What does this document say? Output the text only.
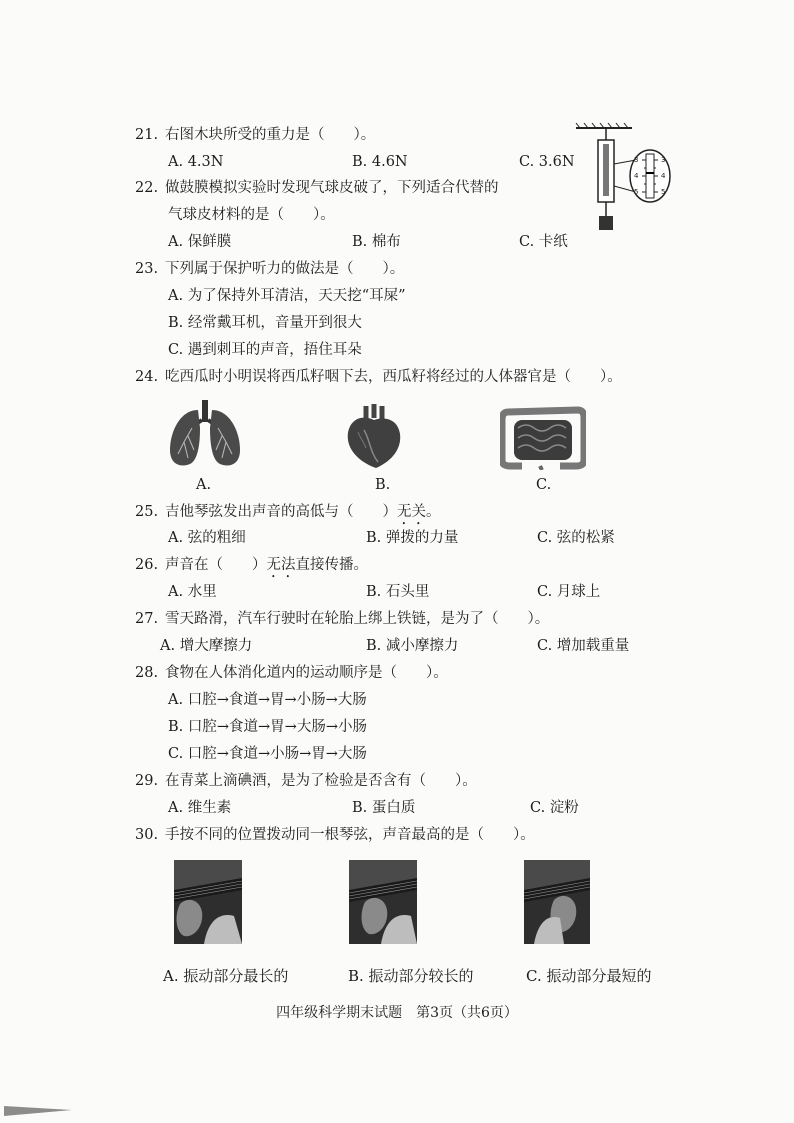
21. 右图木块所受的重力是（　　）。
A. 4.3N	B. 4.6N	C. 3.6N	3
4
5
3
4
5
22. 做鼓膜模拟实验时发现气球皮破了，下列适合代替的
气球皮材料的是（　　）。
A. 保鲜膜	B. 棉布	C. 卡纸
23. 下列属于保护听力的做法是（　　）。
A. 为了保持外耳清洁，天天挖“耳屎”
B. 经常戴耳机，音量开到很大
C. 遇到刺耳的声音，捂住耳朵
24. 吃西瓜时小明误将西瓜籽咽下去，西瓜籽将经过的人体器官是（　　）。
A.	B.	C.
25. 吉他琴弦发出声音的高低与（　　）无关。
A. 弦的粗细	B. 弹拨的力量	C. 弦的松紧
26. 声音在（　　）无法直接传播。
A. 水里	B. 石头里	C. 月球上
27. 雪天路滑，汽车行驶时在轮胎上绑上铁链，是为了（　　）。
A. 增大摩擦力	B. 减小摩擦力	C. 增加载重量
28. 食物在人体消化道内的运动顺序是（　　）。
A. 口腔→食道→胃→小肠→大肠
B. 口腔→食道→胃→大肠→小肠
C. 口腔→食道→小肠→胃→大肠
29. 在青菜上滴碘酒，是为了检验是否含有（　　）。
A. 维生素	B. 蛋白质	C. 淀粉
30. 手按不同的位置拨动同一根琴弦，声音最高的是（　　）。
A. 振动部分最长的	B. 振动部分较长的	C. 振动部分最短的
四年级科学期末试题　第3页（共6页）
